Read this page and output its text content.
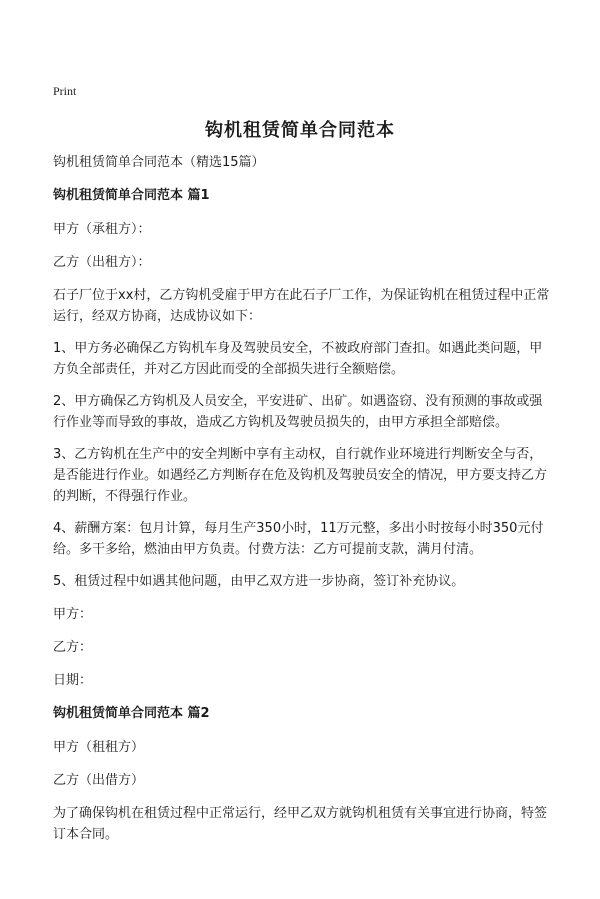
Print
钩机租赁简单合同范本

钩机租赁简单合同范本（精选15篇）

钩机租赁简单合同范本 篇1

甲方（承租方）：

乙方（出租方）：

石子厂位于xx村，乙方钩机受雇于甲方在此石子厂工作，为保证钩机在租赁过程中正常运行，经双方协商，达成协议如下：

1、甲方务必确保乙方钩机车身及驾驶员安全，不被政府部门查扣。如遇此类问题，甲方负全部责任，并对乙方因此而受的全部损失进行全额赔偿。

2、甲方确保乙方钩机及人员安全，平安进矿、出矿。如遇盗窃、没有预测的事故或强行作业等而导致的事故，造成乙方钩机及驾驶员损失的，由甲方承担全部赔偿。

3、乙方钩机在生产中的安全判断中享有主动权，自行就作业环境进行判断安全与否，是否能进行作业。如遇经乙方判断存在危及钩机及驾驶员安全的情况，甲方要支持乙方的判断，不得强行作业。

4、薪酬方案：包月计算，每月生产350小时，11万元整，多出小时按每小时350元付给。多干多给，燃油由甲方负责。付费方法：乙方可提前支款，满月付清。

5、租赁过程中如遇其他问题，由甲乙双方进一步协商，签订补充协议。

甲方：

乙方：

日期：

钩机租赁简单合同范本 篇2

甲方（租租方）

乙方（出借方）

为了确保钩机在租赁过程中正常运行，经甲乙双方就钩机租赁有关事宜进行协商，特签订本合同。
